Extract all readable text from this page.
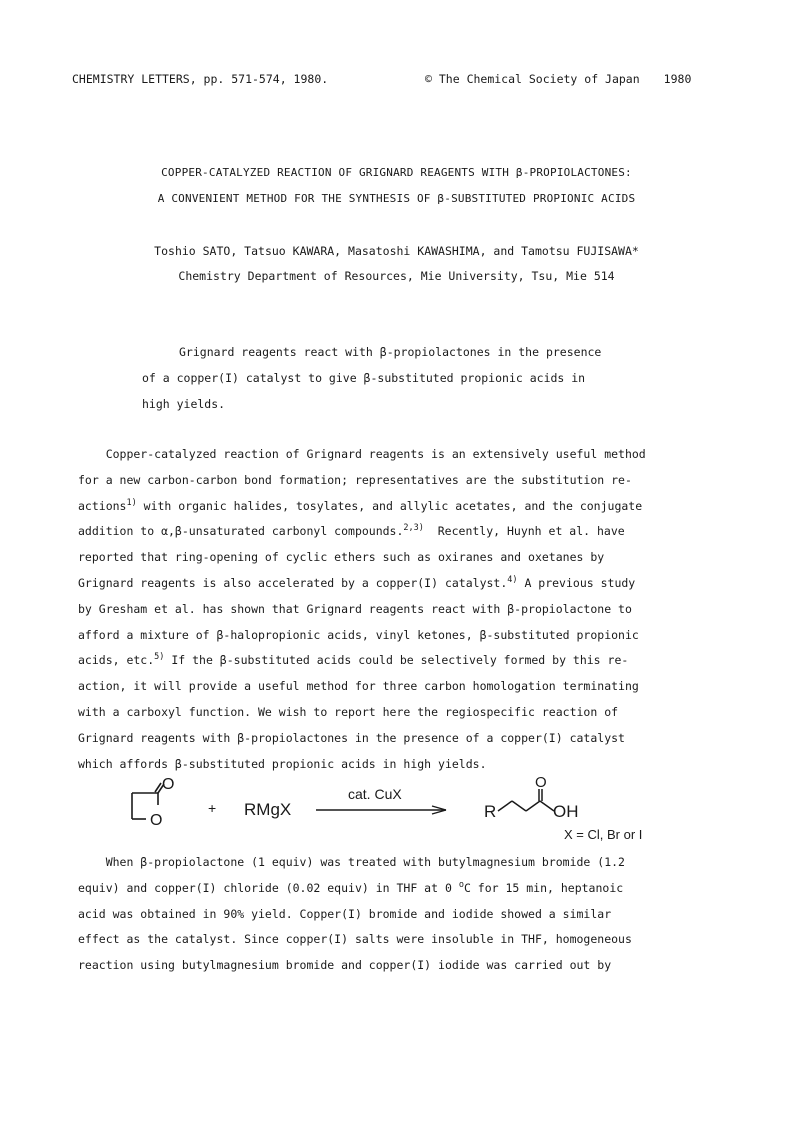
CHEMISTRY LETTERS, pp. 571-574, 1980.	© The Chemical Society of Japan 1980
COPPER-CATALYZED REACTION OF GRIGNARD REAGENTS WITH β-PROPIOLACTONES:
A CONVENIENT METHOD FOR THE SYNTHESIS OF β-SUBSTITUTED PROPIONIC ACIDS
Toshio SATO, Tatsuo KAWARA, Masatoshi KAWASHIMA, and Tamotsu FUJISAWA*
Chemistry Department of Resources, Mie University, Tsu, Mie 514
Grignard reagents react with β-propiolactones in the presence
of a copper(I) catalyst to give β-substituted propionic acids in
high yields.
Copper-catalyzed reaction of Grignard reagents is an extensively useful method
for a new carbon-carbon bond formation; representatives are the substitution re-
actions$^{1)}$ with organic halides, tosylates, and allylic acetates, and the conjugate
addition to α,β-unsaturated carbonyl compounds.$^{2,3)}$  Recently, Huynh et al. have
reported that ring-opening of cyclic ethers such as oxiranes and oxetanes by
Grignard reagents is also accelerated by a copper(I) catalyst.$^{4)}$ A previous study
by Gresham et al. has shown that Grignard reagents react with β-propiolactone to
afford a mixture of β-halopropionic acids, vinyl ketones, β-substituted propionic
acids, etc.$^{5)}$ If the β-substituted acids could be selectively formed by this re-
action, it will provide a useful method for three carbon homologation terminating
with a carboxyl function. We wish to report here the regiospecific reaction of
Grignard reagents with β-propiolactones in the presence of a copper(I) catalyst
which affords β-substituted propionic acids in high yields.
O
O
+ RMgX
cat. CuX
R
O
OH
X = Cl, Br or I
When β-propiolactone (1 equiv) was treated with butylmagnesium bromide (1.2
equiv) and copper(I) chloride (0.02 equiv) in THF at 0 $^o$C for 15 min, heptanoic
acid was obtained in 90% yield. Copper(I) bromide and iodide showed a similar
effect as the catalyst. Since copper(I) salts were insoluble in THF, homogeneous
reaction using butylmagnesium bromide and copper(I) iodide was carried out by
